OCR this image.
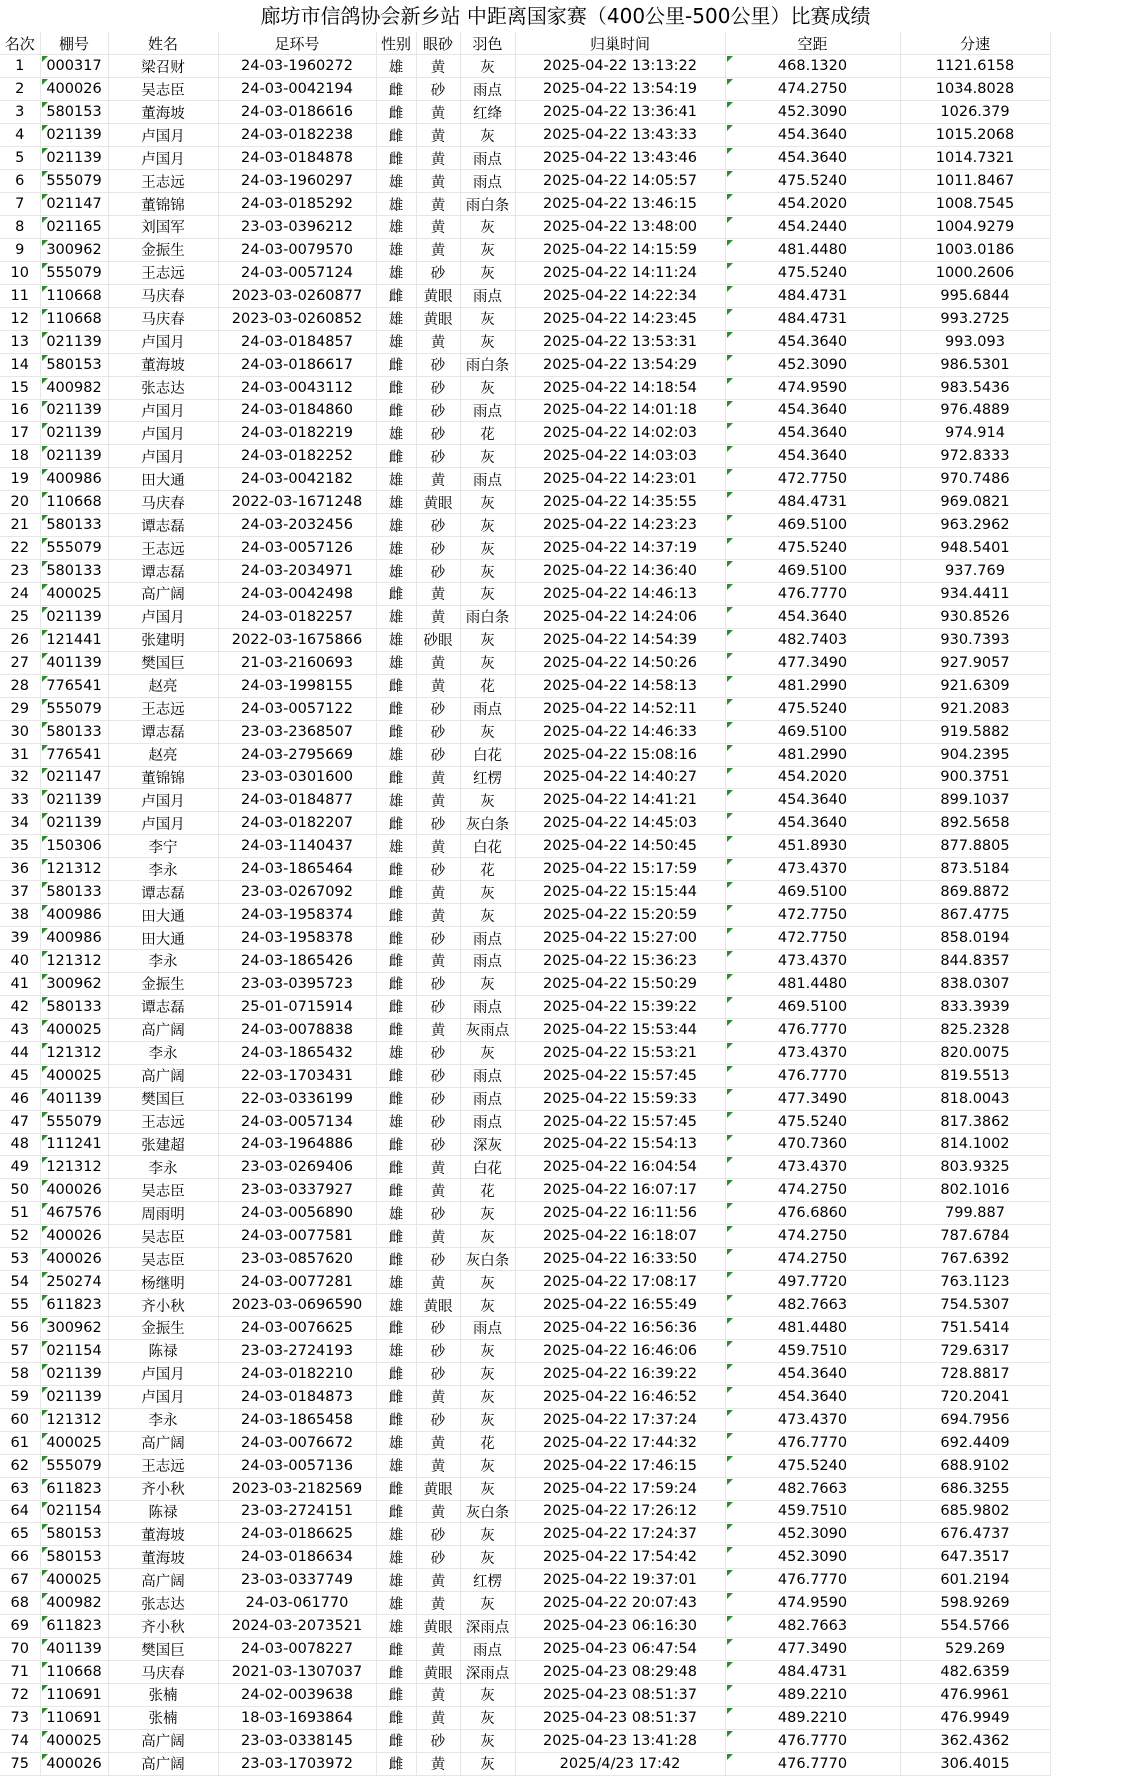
廊坊市信鸽协会新乡站 中距离国家赛（400公里-500公里）比赛成绩
名次	棚号	姓名	足环号	性别	眼砂	羽色	归巢时间	空距	分速
1	000317	梁召财	24-03-1960272	雄	黄	灰	2025-04-22 13:13:22	468.1320	1121.6158
2	400026	吴志臣	24-03-0042194	雌	砂	雨点	2025-04-22 13:54:19	474.2750	1034.8028
3	580153	董海坡	24-03-0186616	雌	黄	红绛	2025-04-22 13:36:41	452.3090	1026.379
4	021139	卢国月	24-03-0182238	雌	黄	灰	2025-04-22 13:43:33	454.3640	1015.2068
5	021139	卢国月	24-03-0184878	雌	黄	雨点	2025-04-22 13:43:46	454.3640	1014.7321
6	555079	王志远	24-03-1960297	雄	黄	雨点	2025-04-22 14:05:57	475.5240	1011.8467
7	021147	董锦锦	24-03-0185292	雄	黄	雨白条	2025-04-22 13:46:15	454.2020	1008.7545
8	021165	刘国军	23-03-0396212	雄	黄	灰	2025-04-22 13:48:00	454.2440	1004.9279
9	300962	金振生	24-03-0079570	雄	黄	灰	2025-04-22 14:15:59	481.4480	1003.0186
10	555079	王志远	24-03-0057124	雄	砂	灰	2025-04-22 14:11:24	475.5240	1000.2606
11	110668	马庆春	2023-03-0260877	雌	黄眼	雨点	2025-04-22 14:22:34	484.4731	995.6844
12	110668	马庆春	2023-03-0260852	雄	黄眼	灰	2025-04-22 14:23:45	484.4731	993.2725
13	021139	卢国月	24-03-0184857	雄	黄	灰	2025-04-22 13:53:31	454.3640	993.093
14	580153	董海坡	24-03-0186617	雌	砂	雨白条	2025-04-22 13:54:29	452.3090	986.5301
15	400982	张志达	24-03-0043112	雌	砂	灰	2025-04-22 14:18:54	474.9590	983.5436
16	021139	卢国月	24-03-0184860	雌	砂	雨点	2025-04-22 14:01:18	454.3640	976.4889
17	021139	卢国月	24-03-0182219	雄	砂	花	2025-04-22 14:02:03	454.3640	974.914
18	021139	卢国月	24-03-0182252	雌	砂	灰	2025-04-22 14:03:03	454.3640	972.8333
19	400986	田大通	24-03-0042182	雄	黄	雨点	2025-04-22 14:23:01	472.7750	970.7486
20	110668	马庆春	2022-03-1671248	雄	黄眼	灰	2025-04-22 14:35:55	484.4731	969.0821
21	580133	谭志磊	24-03-2032456	雄	砂	灰	2025-04-22 14:23:23	469.5100	963.2962
22	555079	王志远	24-03-0057126	雄	砂	灰	2025-04-22 14:37:19	475.5240	948.5401
23	580133	谭志磊	24-03-2034971	雄	砂	灰	2025-04-22 14:36:40	469.5100	937.769
24	400025	高广阔	24-03-0042498	雌	黄	灰	2025-04-22 14:46:13	476.7770	934.4411
25	021139	卢国月	24-03-0182257	雄	黄	雨白条	2025-04-22 14:24:06	454.3640	930.8526
26	121441	张建明	2022-03-1675866	雄	砂眼	灰	2025-04-22 14:54:39	482.7403	930.7393
27	401139	樊国巨	21-03-2160693	雄	黄	灰	2025-04-22 14:50:26	477.3490	927.9057
28	776541	赵亮	24-03-1998155	雌	黄	花	2025-04-22 14:58:13	481.2990	921.6309
29	555079	王志远	24-03-0057122	雌	砂	雨点	2025-04-22 14:52:11	475.5240	921.2083
30	580133	谭志磊	23-03-2368507	雌	砂	灰	2025-04-22 14:46:33	469.5100	919.5882
31	776541	赵亮	24-03-2795669	雄	砂	白花	2025-04-22 15:08:16	481.2990	904.2395
32	021147	董锦锦	23-03-0301600	雌	黄	红楞	2025-04-22 14:40:27	454.2020	900.3751
33	021139	卢国月	24-03-0184877	雄	黄	灰	2025-04-22 14:41:21	454.3640	899.1037
34	021139	卢国月	24-03-0182207	雌	砂	灰白条	2025-04-22 14:45:03	454.3640	892.5658
35	150306	李宁	24-03-1140437	雄	黄	白花	2025-04-22 14:50:45	451.8930	877.8805
36	121312	李永	24-03-1865464	雌	砂	花	2025-04-22 15:17:59	473.4370	873.5184
37	580133	谭志磊	23-03-0267092	雌	黄	灰	2025-04-22 15:15:44	469.5100	869.8872
38	400986	田大通	24-03-1958374	雌	黄	灰	2025-04-22 15:20:59	472.7750	867.4775
39	400986	田大通	24-03-1958378	雌	砂	雨点	2025-04-22 15:27:00	472.7750	858.0194
40	121312	李永	24-03-1865426	雌	黄	雨点	2025-04-22 15:36:23	473.4370	844.8357
41	300962	金振生	23-03-0395723	雌	砂	灰	2025-04-22 15:50:29	481.4480	838.0307
42	580133	谭志磊	25-01-0715914	雌	砂	雨点	2025-04-22 15:39:22	469.5100	833.3939
43	400025	高广阔	24-03-0078838	雌	黄	灰雨点	2025-04-22 15:53:44	476.7770	825.2328
44	121312	李永	24-03-1865432	雄	砂	灰	2025-04-22 15:53:21	473.4370	820.0075
45	400025	高广阔	22-03-1703431	雌	砂	雨点	2025-04-22 15:57:45	476.7770	819.5513
46	401139	樊国巨	22-03-0336199	雌	砂	雨点	2025-04-22 15:59:33	477.3490	818.0043
47	555079	王志远	24-03-0057134	雄	砂	雨点	2025-04-22 15:57:45	475.5240	817.3862
48	111241	张建超	24-03-1964886	雌	砂	深灰	2025-04-22 15:54:13	470.7360	814.1002
49	121312	李永	23-03-0269406	雌	黄	白花	2025-04-22 16:04:54	473.4370	803.9325
50	400026	吴志臣	23-03-0337927	雌	黄	花	2025-04-22 16:07:17	474.2750	802.1016
51	467576	周雨明	24-03-0056890	雄	砂	灰	2025-04-22 16:11:56	476.6860	799.887
52	400026	吴志臣	24-03-0077581	雌	黄	灰	2025-04-22 16:18:07	474.2750	787.6784
53	400026	吴志臣	23-03-0857620	雌	砂	灰白条	2025-04-22 16:33:50	474.2750	767.6392
54	250274	杨继明	24-03-0077281	雄	黄	灰	2025-04-22 17:08:17	497.7720	763.1123
55	611823	齐小秋	2023-03-0696590	雄	黄眼	灰	2025-04-22 16:55:49	482.7663	754.5307
56	300962	金振生	24-03-0076625	雌	砂	雨点	2025-04-22 16:56:36	481.4480	751.5414
57	021154	陈禄	23-03-2724193	雄	砂	灰	2025-04-22 16:46:06	459.7510	729.6317
58	021139	卢国月	24-03-0182210	雌	砂	灰	2025-04-22 16:39:22	454.3640	728.8817
59	021139	卢国月	24-03-0184873	雌	黄	灰	2025-04-22 16:46:52	454.3640	720.2041
60	121312	李永	24-03-1865458	雌	砂	灰	2025-04-22 17:37:24	473.4370	694.7956
61	400025	高广阔	24-03-0076672	雄	黄	花	2025-04-22 17:44:32	476.7770	692.4409
62	555079	王志远	24-03-0057136	雄	黄	灰	2025-04-22 17:46:15	475.5240	688.9102
63	611823	齐小秋	2023-03-2182569	雌	黄眼	灰	2025-04-22 17:59:24	482.7663	686.3255
64	021154	陈禄	23-03-2724151	雌	黄	灰白条	2025-04-22 17:26:12	459.7510	685.9802
65	580153	董海坡	24-03-0186625	雄	砂	灰	2025-04-22 17:24:37	452.3090	676.4737
66	580153	董海坡	24-03-0186634	雄	砂	灰	2025-04-22 17:54:42	452.3090	647.3517
67	400025	高广阔	23-03-0337749	雄	黄	红楞	2025-04-22 19:37:01	476.7770	601.2194
68	400982	张志达	24-03-061770	雄	黄	灰	2025-04-22 20:07:43	474.9590	598.9269
69	611823	齐小秋	2024-03-2073521	雄	黄眼	深雨点	2025-04-23 06:16:30	482.7663	554.5766
70	401139	樊国巨	24-03-0078227	雌	黄	雨点	2025-04-23 06:47:54	477.3490	529.269
71	110668	马庆春	2021-03-1307037	雌	黄眼	深雨点	2025-04-23 08:29:48	484.4731	482.6359
72	110691	张楠	24-02-0039638	雌	黄	灰	2025-04-23 08:51:37	489.2210	476.9961
73	110691	张楠	18-03-1693864	雌	黄	灰	2025-04-23 08:51:37	489.2210	476.9949
74	400025	高广阔	23-03-0338145	雌	砂	灰	2025-04-23 13:41:28	476.7770	362.4362
75	400026	高广阔	23-03-1703972	雌	黄	灰	2025/4/23 17:42	476.7770	306.4015
